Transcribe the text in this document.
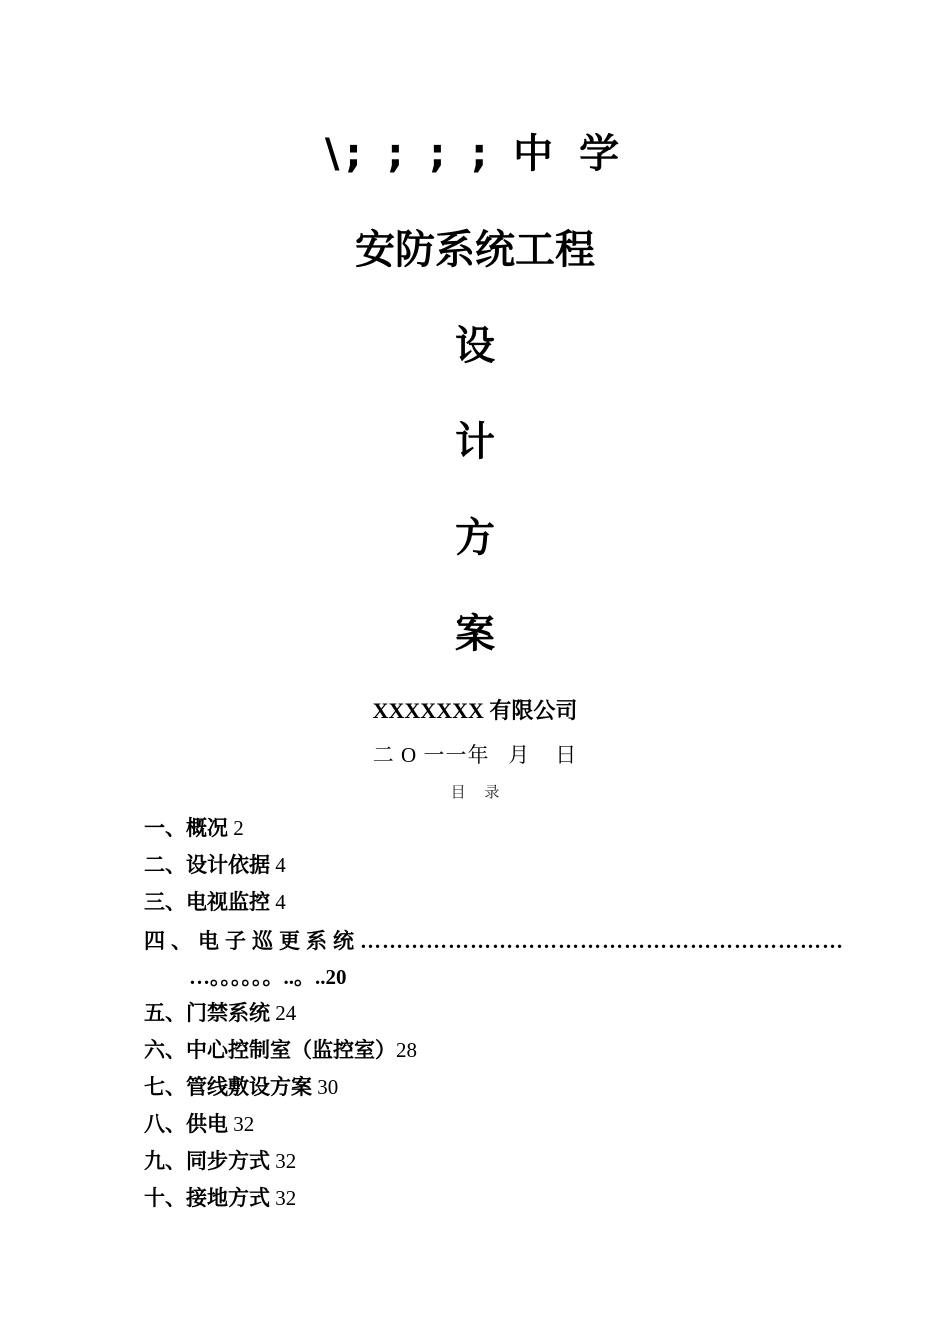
\; ; ; ; 中 学
安防系统工程
设
计
方
案
XXXXXXX 有限公司
二 O 一一年   月    日
目     录
一、概况 2
二、设计依据 4
三、电视监控 4
四、电子巡更系统…………………………………………………………
…。。。。。。..。..20
五、门禁系统 24
六、中心控制室（监控室）28
七、管线敷设方案 30
八、供电 32
九、同步方式 32
十、接地方式 32
